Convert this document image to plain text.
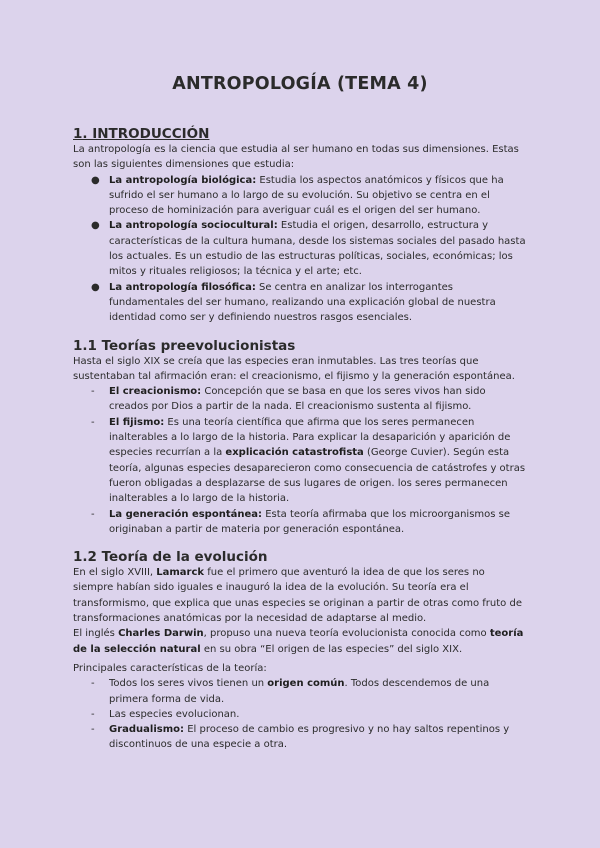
ANTROPOLOGÍA (TEMA 4)
1. INTRODUCCIÓN

La antropología es la ciencia que estudia al ser humano en todas sus dimensiones. Estas son las siguientes dimensiones que estudia:

● La antropología biológica: Estudia los aspectos anatómicos y físicos que ha sufrido el ser humano a lo largo de su evolución. Su objetivo se centra en el proceso de hominización para averiguar cuál es el origen del ser humano.
● La antropología sociocultural: Estudia el origen, desarrollo, estructura y características de la cultura humana, desde los sistemas sociales del pasado hasta los actuales. Es un estudio de las estructuras políticas, sociales, económicas; los mitos y rituales religiosos; la técnica y el arte; etc.
● La antropología filosófica: Se centra en analizar los interrogantes fundamentales del ser humano, realizando una explicación global de nuestra identidad como ser y definiendo nuestros rasgos esenciales.
1.1 Teorías preevolucionistas

Hasta el siglo XIX se creía que las especies eran inmutables. Las tres teorías que sustentaban tal afirmación eran: el creacionismo, el fijismo y la generación espontánea.

- El creacionismo: Concepción que se basa en que los seres vivos han sido creados por Dios a partir de la nada. El creacionismo sustenta al fijismo.
- El fijismo: Es una teoría científica que afirma que los seres permanecen inalterables a lo largo de la historia. Para explicar la desaparición y aparición de especies recurrían a la explicación catastrofista (George Cuvier). Según esta teoría, algunas especies desaparecieron como consecuencia de catástrofes y otras fueron obligadas a desplazarse de sus lugares de origen. los seres permanecen inalterables a lo largo de la historia.
- La generación espontánea: Esta teoría afirmaba que los microorganismos se originaban a partir de materia por generación espontánea.
1.2 Teoría de la evolución

En el siglo XVIII, Lamarck fue el primero que aventuró la idea de que los seres no siempre habían sido iguales e inauguró la idea de la evolución. Su teoría era el transformismo, que explica que unas especies se originan a partir de otras como fruto de transformaciones anatómicas por la necesidad de adaptarse al medio.

El inglés Charles Darwin, propuso una nueva teoría evolucionista conocida como teoría de la selección natural en su obra “El origen de las especies” del siglo XIX.

Principales características de la teoría:

- Todos los seres vivos tienen un origen común. Todos descendemos de una primera forma de vida.
- Las especies evolucionan.
- Gradualismo: El proceso de cambio es progresivo y no hay saltos repentinos y discontinuos de una especie a otra.
